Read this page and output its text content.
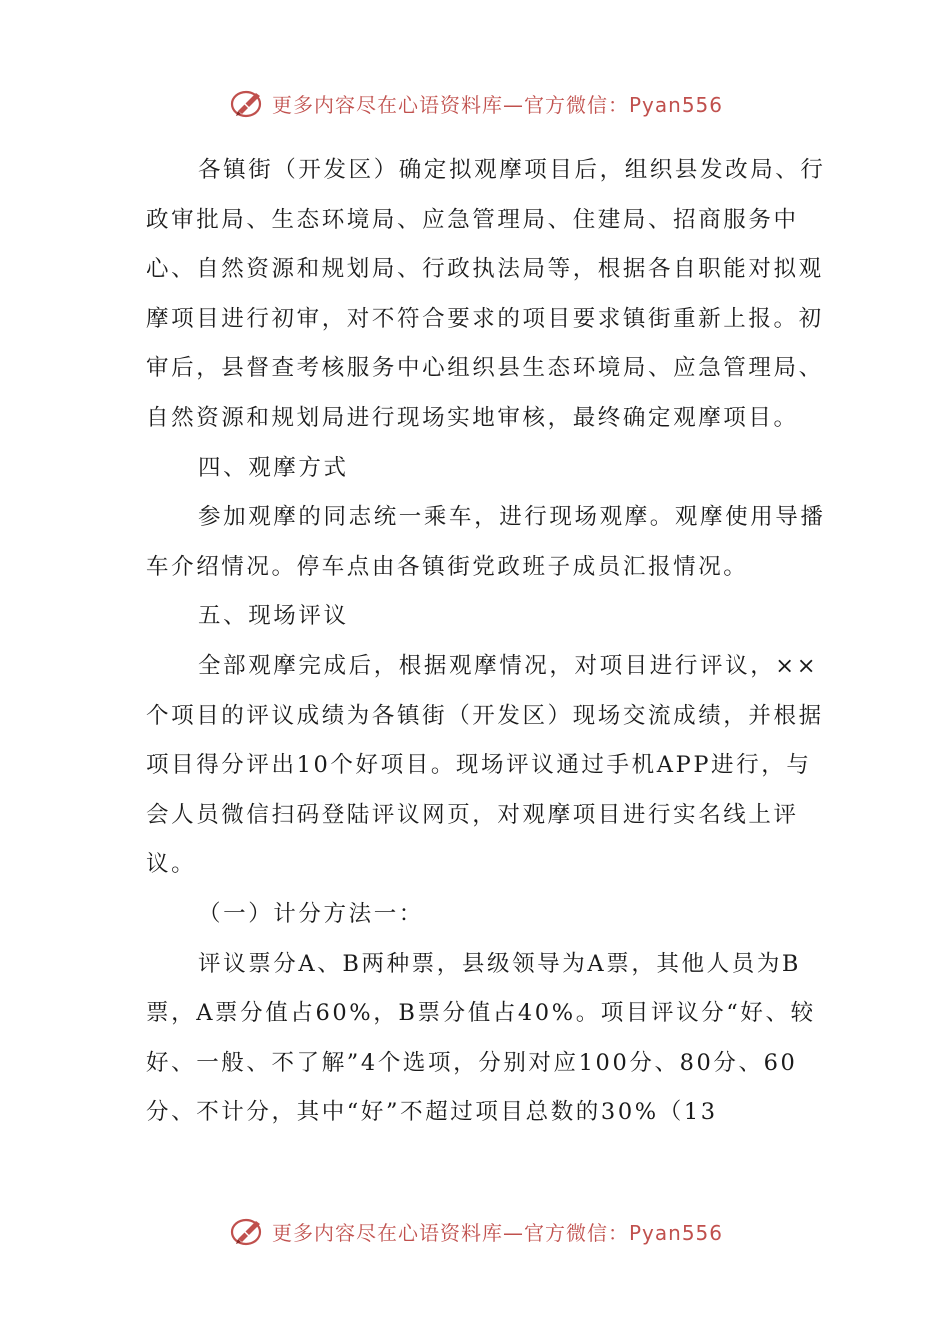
更多内容尽在心语资料库—官方微信：Pyan556

各镇街（开发区）确定拟观摩项目后，组织县发改局、行政审批局、生态环境局、应急管理局、住建局、招商服务中心、自然资源和规划局、行政执法局等，根据各自职能对拟观摩项目进行初审，对不符合要求的项目要求镇街重新上报。初审后，县督查考核服务中心组织县生态环境局、应急管理局、自然资源和规划局进行现场实地审核，最终确定观摩项目。

四、观摩方式

参加观摩的同志统一乘车，进行现场观摩。观摩使用导播车介绍情况。停车点由各镇街党政班子成员汇报情况。

五、现场评议

全部观摩完成后，根据观摩情况，对项目进行评议，××个项目的评议成绩为各镇街（开发区）现场交流成绩，并根据项目得分评出10个好项目。现场评议通过手机APP进行，与会人员微信扫码登陆评议网页，对观摩项目进行实名线上评议。

（一）计分方法一：

评议票分A、B两种票，县级领导为A票，其他人员为B票，A票分值占60%，B票分值占40%。项目评议分“好、较好、一般、不了解”4个选项，分别对应100分、80分、60分、不计分，其中“好”不超过项目总数的30%（13

更多内容尽在心语资料库—官方微信：Pyan556
